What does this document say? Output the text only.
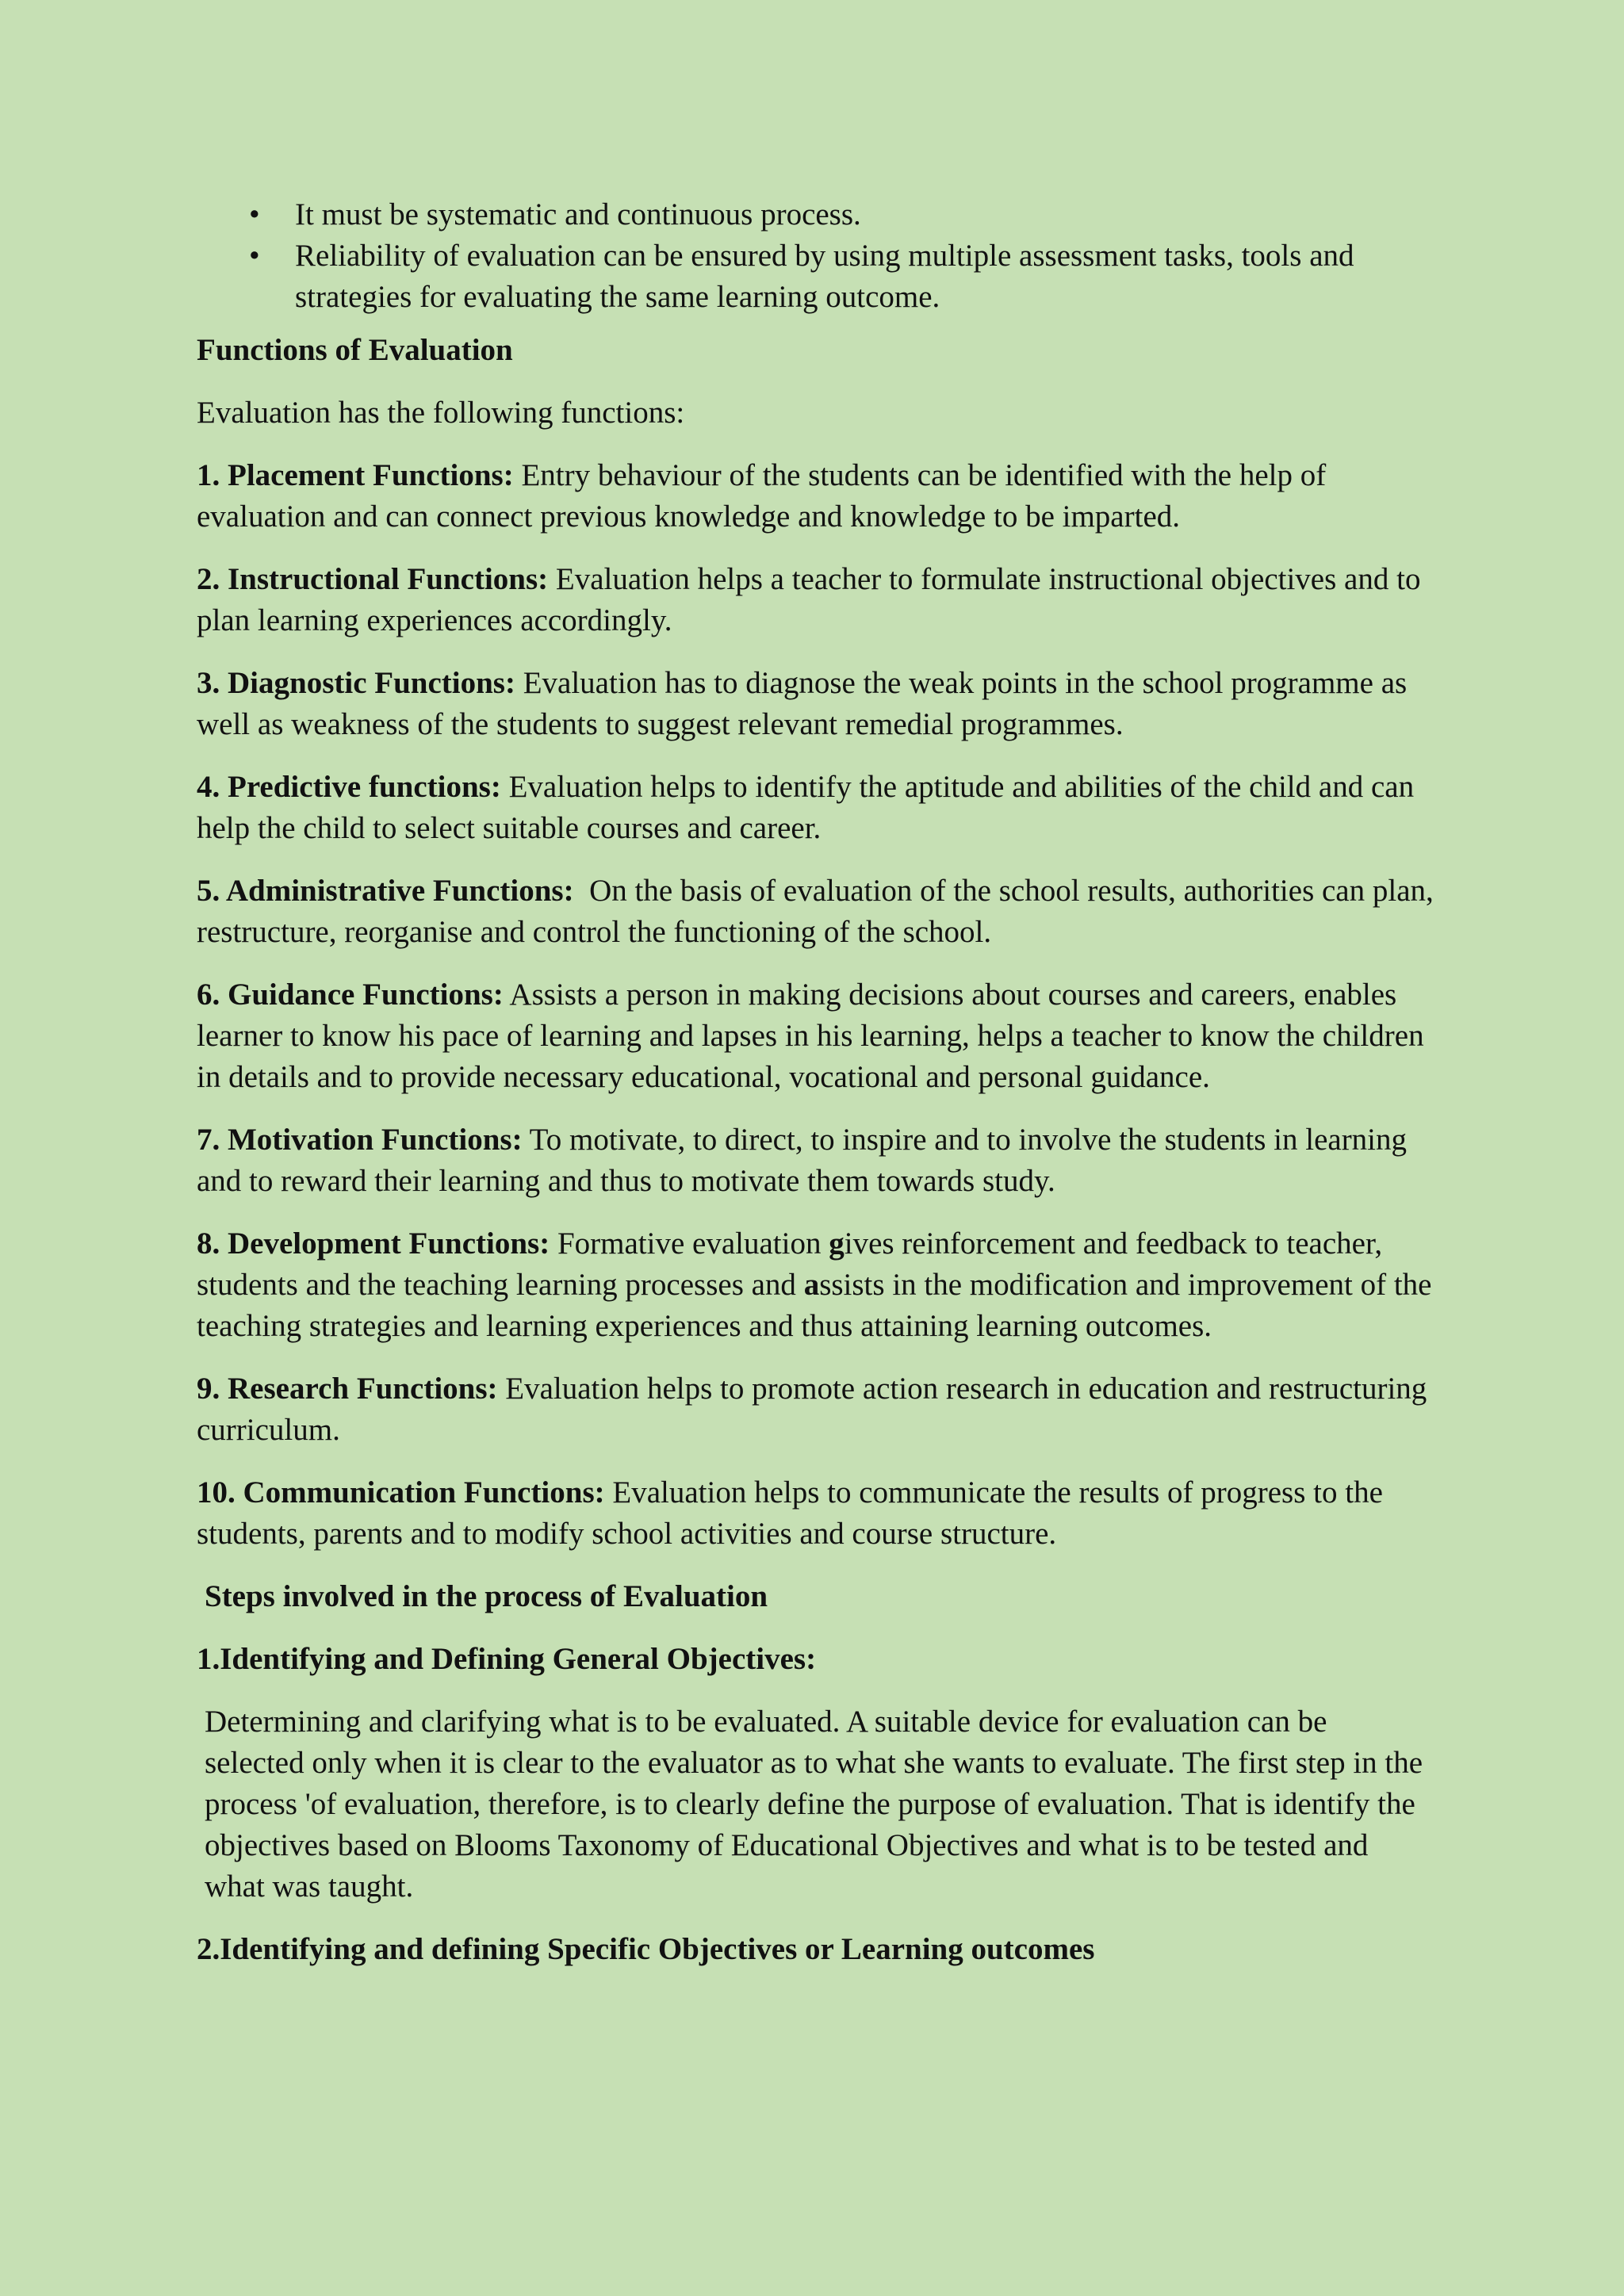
• It must be systematic and continuous process.
• Reliability of evaluation can be ensured by using multiple assessment tasks, tools and strategies for evaluating the same learning outcome.

Functions of Evaluation

Evaluation has the following functions:

1. Placement Functions: Entry behaviour of the students can be identified with the help of evaluation and can connect previous knowledge and knowledge to be imparted.

2. Instructional Functions: Evaluation helps a teacher to formulate instructional objectives and to plan learning experiences accordingly.

3. Diagnostic Functions: Evaluation has to diagnose the weak points in the school programme as well as weakness of the students to suggest relevant remedial programmes.

4. Predictive functions: Evaluation helps to identify the aptitude and abilities of the child and can help the child to select suitable courses and career.

5. Administrative Functions:  On the basis of evaluation of the school results, authorities can plan, restructure, reorganise and control the functioning of the school.

6. Guidance Functions: Assists a person in making decisions about courses and careers, enables learner to know his pace of learning and lapses in his learning, helps a teacher to know the children in details and to provide necessary educational, vocational and personal guidance.

7. Motivation Functions: To motivate, to direct, to inspire and to involve the students in learning and to reward their learning and thus to motivate them towards study.

8. Development Functions: Formative evaluation gives reinforcement and feedback to teacher, students and the teaching learning processes and assists in the modification and improvement of the teaching strategies and learning experiences and thus attaining learning outcomes.

9. Research Functions: Evaluation helps to promote action research in education and restructuring curriculum.

10. Communication Functions: Evaluation helps to communicate the results of progress to the students, parents and to modify school activities and course structure.

Steps involved in the process of Evaluation

1.Identifying and Defining General Objectives:

Determining and clarifying what is to be evaluated. A suitable device for evaluation can be selected only when it is clear to the evaluator as to what she wants to evaluate. The first step in the process 'of evaluation, therefore, is to clearly define the purpose of evaluation. That is identify the objectives based on Blooms Taxonomy of Educational Objectives and what is to be tested and what was taught.

2.Identifying and defining Specific Objectives or Learning outcomes
